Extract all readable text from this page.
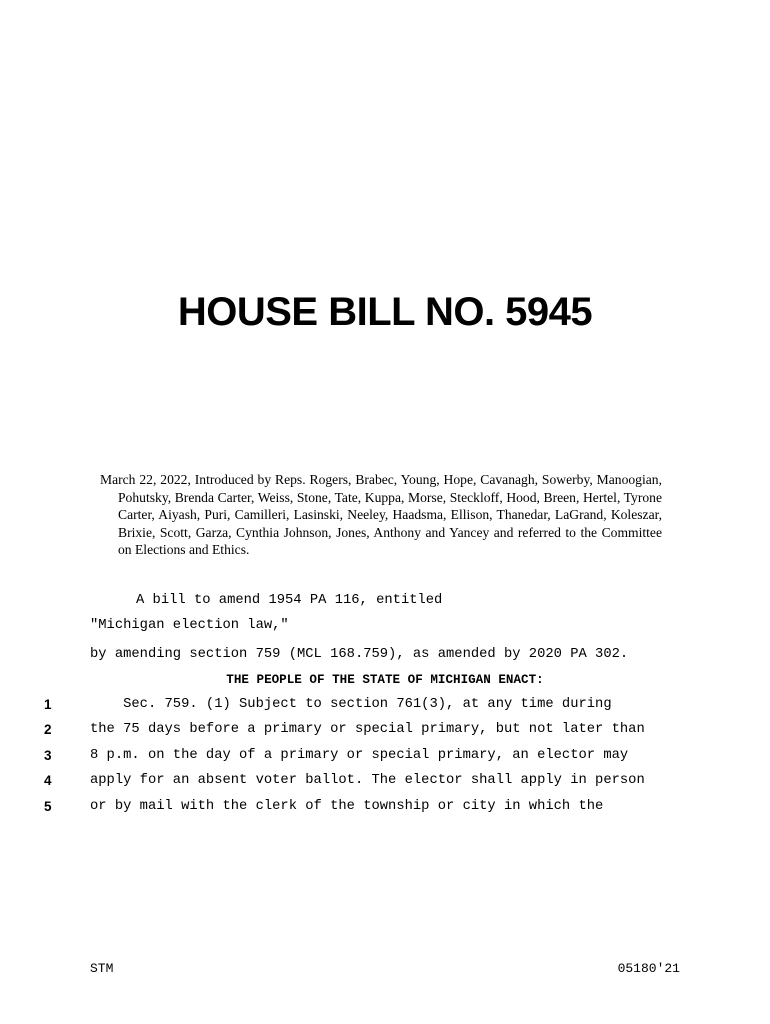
HOUSE BILL NO. 5945
March 22, 2022, Introduced by Reps. Rogers, Brabec, Young, Hope, Cavanagh, Sowerby, Manoogian, Pohutsky, Brenda Carter, Weiss, Stone, Tate, Kuppa, Morse, Steckloff, Hood, Breen, Hertel, Tyrone Carter, Aiyash, Puri, Camilleri, Lasinski, Neeley, Haadsma, Ellison, Thanedar, LaGrand, Koleszar, Brixie, Scott, Garza, Cynthia Johnson, Jones, Anthony and Yancey and referred to the Committee on Elections and Ethics.
A bill to amend 1954 PA 116, entitled
"Michigan election law,"
by amending section 759 (MCL 168.759), as amended by 2020 PA 302.
THE PEOPLE OF THE STATE OF MICHIGAN ENACT:
1	Sec. 759. (1) Subject to section 761(3), at any time during
2	the 75 days before a primary or special primary, but not later than
3	8 p.m. on the day of a primary or special primary, an elector may
4	apply for an absent voter ballot. The elector shall apply in person
5	or by mail with the clerk of the township or city in which the
STM	05180'21
